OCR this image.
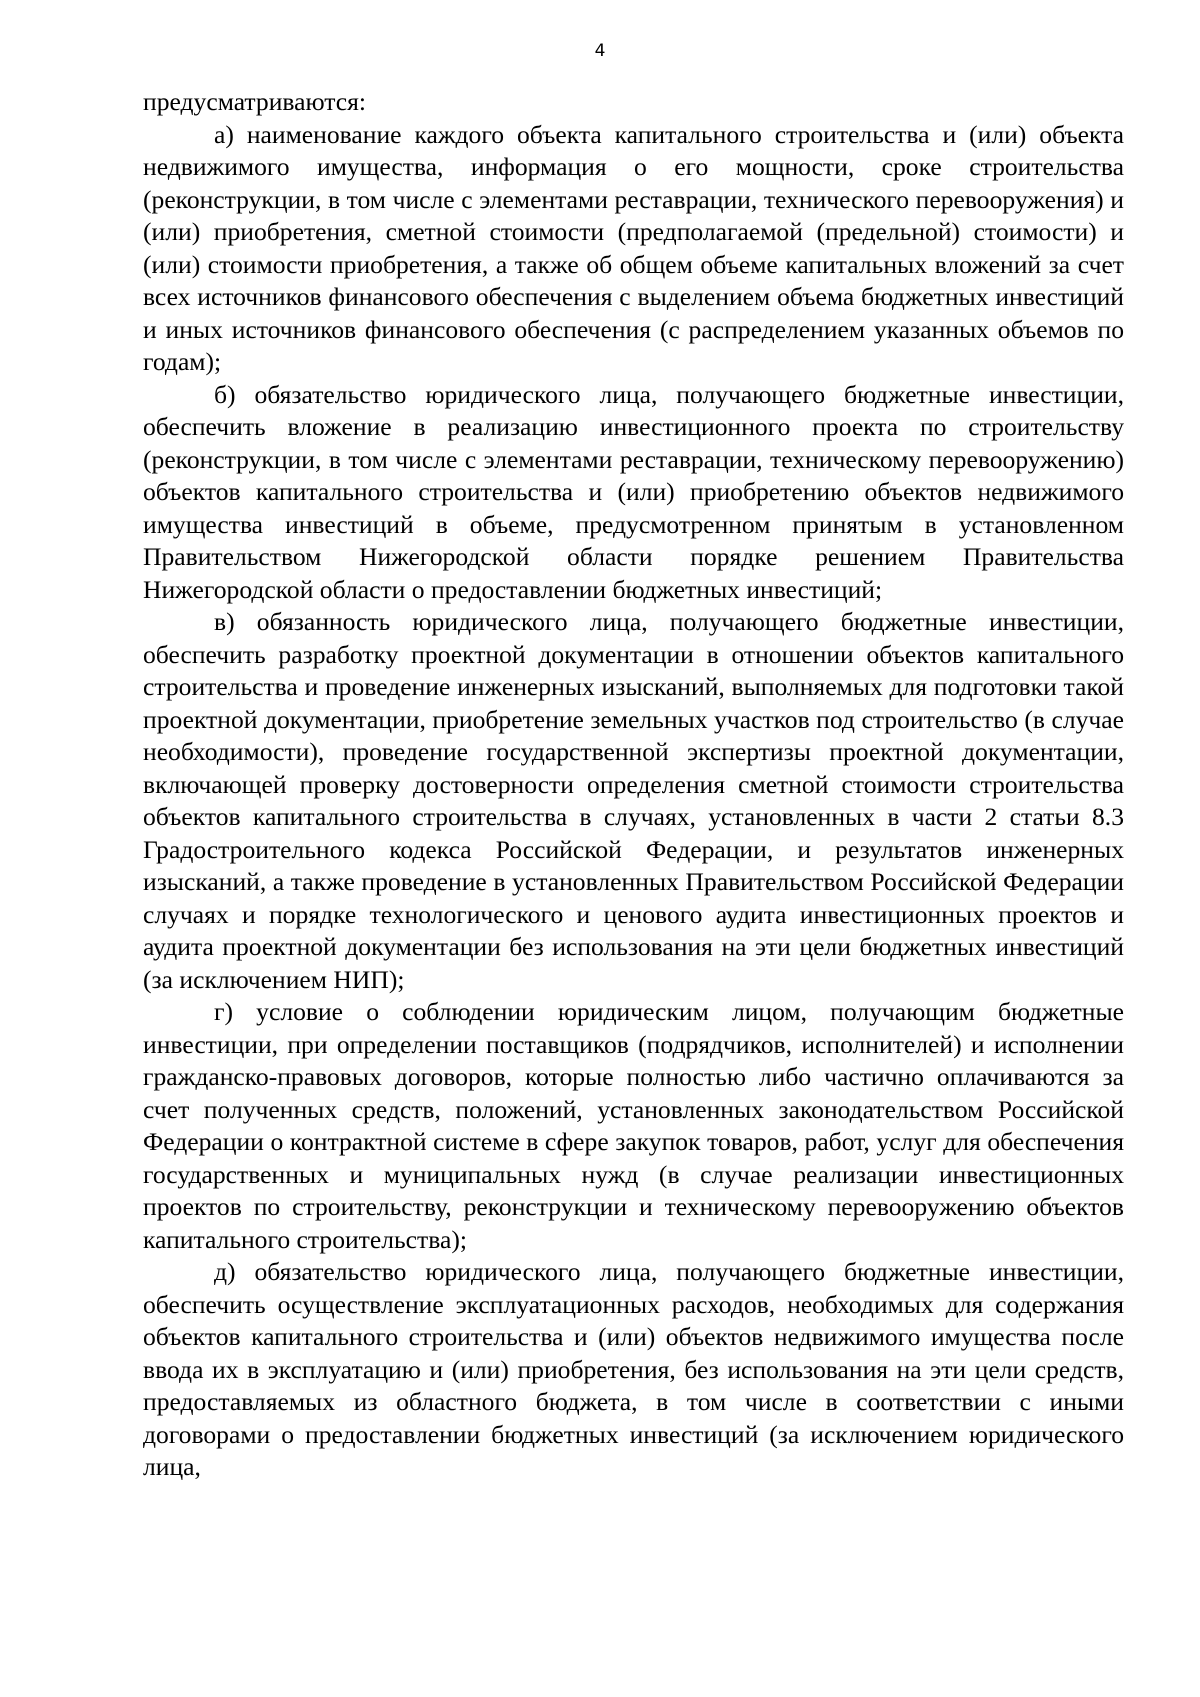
4

предусматриваются:

а) наименование каждого объекта капитального строительства и (или) объекта недвижимого имущества, информация о его мощности, сроке строительства (реконструкции, в том числе с элементами реставрации, технического перевооружения) и (или) приобретения, сметной стоимости (предполагаемой (предельной) стоимости) и (или) стоимости приобретения, а также об общем объеме капитальных вложений за счет всех источников финансового обеспечения с выделением объема бюджетных инвестиций и иных источников финансового обеспечения (с распределением указанных объемов по годам);

б) обязательство юридического лица, получающего бюджетные инвестиции, обеспечить вложение в реализацию инвестиционного проекта по строительству (реконструкции, в том числе с элементами реставрации, техническому перевооружению) объектов капитального строительства и (или) приобретению объектов недвижимого имущества инвестиций в объеме, предусмотренном принятым в установленном Правительством Нижегородской области порядке решением Правительства Нижегородской области о предоставлении бюджетных инвестиций;

в) обязанность юридического лица, получающего бюджетные инвестиции, обеспечить разработку проектной документации в отношении объектов капитального строительства и проведение инженерных изысканий, выполняемых для подготовки такой проектной документации, приобретение земельных участков под строительство (в случае необходимости), проведение государственной экспертизы проектной документации, включающей проверку достоверности определения сметной стоимости строительства объектов капитального строительства в случаях, установленных в части 2 статьи 8.3 Градостроительного кодекса Российской Федерации, и результатов инженерных изысканий, а также проведение в установленных Правительством Российской Федерации случаях и порядке технологического и ценового аудита инвестиционных проектов и аудита проектной документации без использования на эти цели бюджетных инвестиций (за исключением НИП);

г) условие о соблюдении юридическим лицом, получающим бюджетные инвестиции, при определении поставщиков (подрядчиков, исполнителей) и исполнении гражданско-правовых договоров, которые полностью либо частично оплачиваются за счет полученных средств, положений, установленных законодательством Российской Федерации о контрактной системе в сфере закупок товаров, работ, услуг для обеспечения государственных и муниципальных нужд (в случае реализации инвестиционных проектов по строительству, реконструкции и техническому перевооружению объектов капитального строительства);

д) обязательство юридического лица, получающего бюджетные инвестиции, обеспечить осуществление эксплуатационных расходов, необходимых для содержания объектов капитального строительства и (или) объектов недвижимого имущества после ввода их в эксплуатацию и (или) приобретения, без использования на эти цели средств, предоставляемых из областного бюджета, в том числе в соответствии с иными договорами о предоставлении бюджетных инвестиций (за исключением юридического лица,
